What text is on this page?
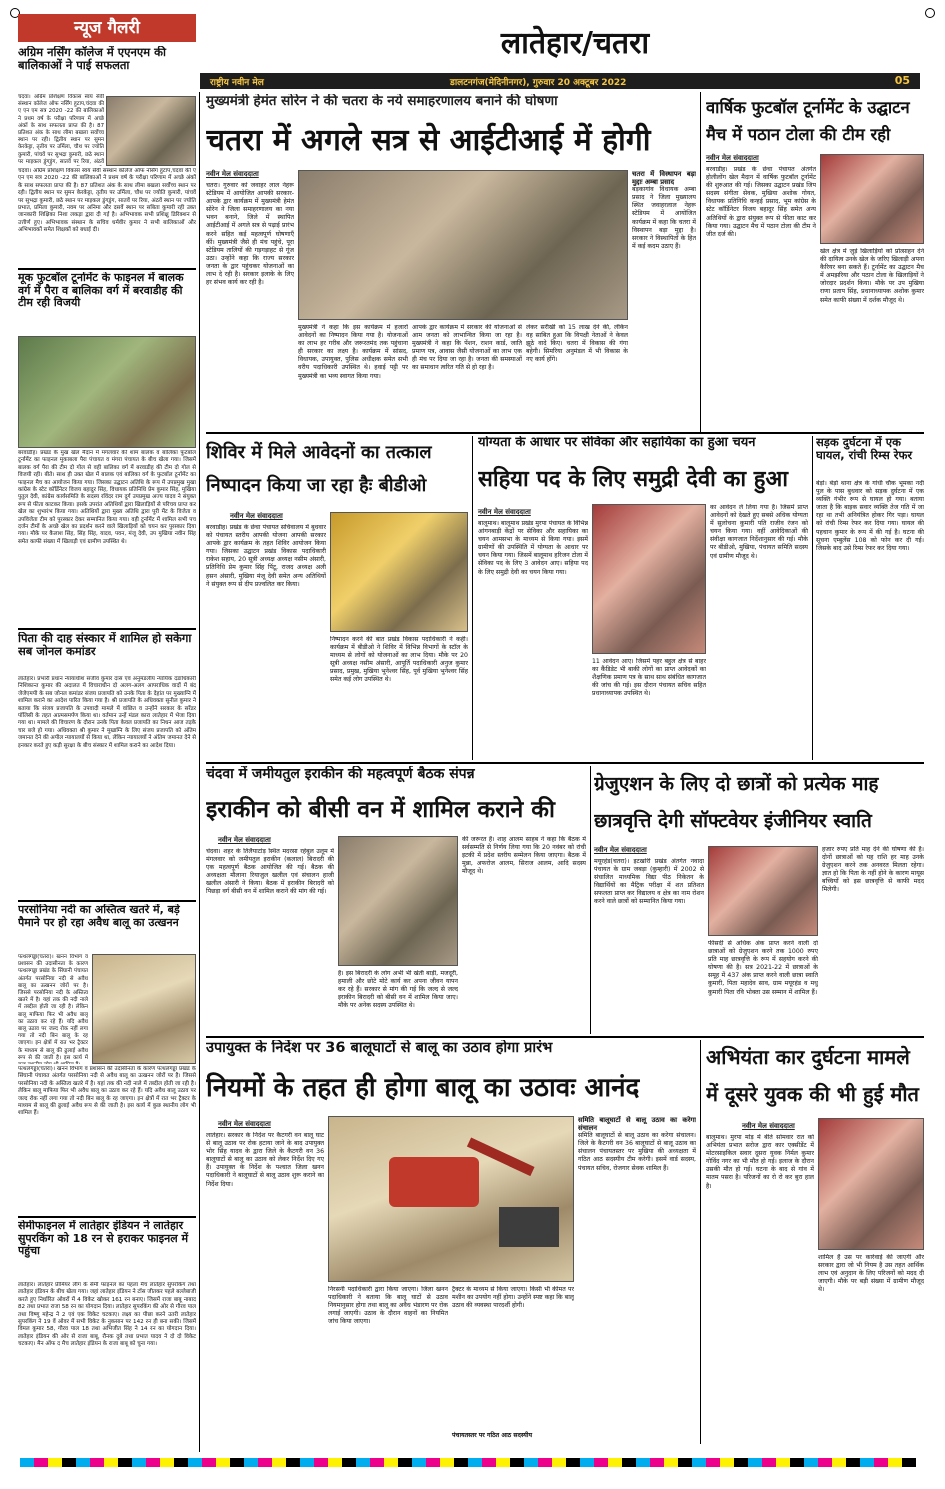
लातेहार/चतरा
राष्ट्रीय नवीन मेल	डालटनगंज(मेदिनीनगर), गुरुवार 20 अक्टूबर 2022	05
न्यूज गैलरी
अग्रिम नर्सिंग कॉलेज में एएनएम की बालिकाओं ने पाई सफलता
चंदवा। अग्रिम प्रशिक्षण विकास स्वयं सेवी संस्थान कॉलेज ऑफ नर्सिंग हुटाप,चंदवा की ए एन एम सत्र 2020 -22 की बालिकाओं ने प्रथम वर्ष के परीक्षा परिणाम में अच्छे अंकों के साथ सफलता प्राप्त की है। 87 प्रतिशत अंक के साथ लीमा बखला सर्वोच्च स्थान पर रही। द्वितीय स्थान पर सुमन केरकेट्टा, तृतीय पर उर्मिला, चौथ पर ज्योति कुमारी, पांचवें पर सुभद्रा कुमारी, छठे स्थान पर माइकल डुंगडुंग, सातवें पर रिया, अंठवें
चंदवा। अग्रिम प्रशिक्षण विकास स्वयं सेवी संस्थान कॉलेज ऑफ नर्सिंग हुटाप,चंदवा की ए एन एम सत्र 2020 -22 की बालिकाओं ने प्रथम वर्ष के परीक्षा परिणाम में अच्छे अंकों के साथ सफलता प्राप्त की है। 87 प्रतिशत अंक के साथ लीमा बखला सर्वोच्च स्थान पर रही। द्वितीय स्थान पर सुमन केरकेट्टा, तृतीय पर उर्मिला, चौथ पर ज्योति कुमारी, पांचवें पर सुभद्रा कुमारी, छठे स्थान पर माइकल डुंगडुंग, सातवें पर रिया, अंठवें स्थान पर ज्योति प्रभात, प्रमिला कुमारी, नवम पर अनिमा और दसवें स्थान पर सबिता कुमारी रही उक्त जानकारी शिक्षिका निशा लकड़ा द्वारा दी गई है। अभिभावक सभी प्रशिक्षु डिरिक्शन से उत्तीर्ण हुए। अभिभावक संस्थान के सचिव धर्मवीर कुमार ने सभी बालिकाओं और अभिभावकों समेत शिक्षकों को बधाई दी।
मूक फुटबॉल टूर्नामेंट के फाइनल में बालक वर्ग में पैरा व बालिका वर्ग में बरवाडीह की टीम रही विजयी
बरवाडीह। प्रखंड के मुख खेल मैदान में मंगलवार की शाम बालक व बालिका फुटबॉल टूर्नामेंट का फाइनल मुकाबला पैरा पंचायत व मंगरा पंचायत के बीच खेला गया। जिसमें बालक वर्ग पैरा की टीम दो गोल से वही बालिका वर्ग में बरवाडीह की टीम दो गोल से विजयी रही। बीते। साथ ही उक्त खेल में बालक एवं बालिका वर्ग के फुटबॉल टूर्नामेंट का फाइनल मैच का आयोजन किया गया। जिसका उद्घाटन अतिथि के रूप में उपप्रमुख मुखा कांग्रेस के स्टेट कॉर्डिनेटर विजय बहादुर सिंह, विधायक प्रतिनिधि प्रेम कुमार सिंह, मुखिया पुतुल देवी, कांग्रेस कार्यसमिति के सदस्य रविंदर राम दुर्ग उपप्रमुख अज्य यादव ने संयुक्त रूप से फीता काटकर किया। इसके उपरांत अतिथियों द्वारा खिलाड़ियों से परिचय प्राप्त कर खेल का शुभारंभ किया गया। अतिथियों द्वारा मुख्य अतिथि द्वारा पुरी मेंट के विजेता व उपविजेता टीम को पुरस्कार देकर सम्मानित किया गया। वही टूर्नामेंट में शामिल सभी पच दर्जन टीमों के अच्छे खेल का प्रदर्शन करने वाले खिलाड़ियों को चयन कर पुरस्कार दिया गया। मौके पर कैलाश सिंह, सिंह सिंह, यादव, पवन, मंजू देवी, उप मुखिया नवीन सिंह समेत काफी संख्या में खिलाड़ी एवं ग्रामीण उपस्थित थे।
पिता की दाह संस्कार में शामिल हो सकेगा सब जोनल कमांडर
लातेहार। प्रभारी प्रधान न्यायाधीश संजीव कुमार दास एवं अनुमंडलीय न्यायिक दंडाधिकारी निशिकान्त कुमार की अदालत में विचाराधीन दो अलग-अलग आपराधिक वादों में बंद जेजेएमपी के सब जोनल कमांडर संजय प्रजापति को उनके पिता के देहांत पर मुख्याग्नि में शामिल कराने का आदेश पारित किया गया है। श्री प्रजापति के अधिवक्ता सुनील कुमार ने बताया कि संजय प्रजापति के उपवादी मामले में वांछित व उन्होंने सरकार के सरेंडर पॉलिसी के तहत आत्मसमर्पण किया था। वर्तमान उन्हें मंडल कारा लातेहार में भेजा दिया गया था। मामले की विचारण के दौरान उनके पिता केवल प्रजापति का निधन आज तड़के चार बजे हो गया। अधिवक्ता श्री कुमार ने मुखाग्नि के लिए संजय प्रजापति को अंतिम जमानत देने की अपील न्यायालयों से किया था, लेकिन न्यायालयों ने अंतिम जमानत देने से इनकार करते हुए कड़ी सुरक्षा के बीच संस्कार में शामिल कराने का आदेश दिया।
परसोनिया नदी का अस्तित्व खतरे में, बड़े पैमाने पर हो रहा अवैध बालू का उत्खनन
पत्थलगड्डा(चतरा)। खनन विभाग व प्रशासन की उदासीनता के कारण पत्थलगड्डा प्रखंड के सिंघानी पंचायत अंतर्गत परसोनिया नदी से अवैध बालू का उत्खनन जोरों पर है। जिससे परसोनिया नदी के अस्तित्व खतरे में है। यहां तक की नदी नाले में तब्दील होती जा रही है। लेकिन बालू माफिया फिर भी अवैध बालू का उठाव कर रहे हैं। यदि अवैध बालू उठाव पर जल्द रोक नहीं लगा गया तो नदी बिन बालू के रह जाएगा। इन क्षेत्रों में रात भर ट्रैक्टर के माध्यम से बालू की ढुलाई अवैध रूप से की जाती है। इस कार्य में
पत्थलगड्डा(चतरा)। खनन विभाग व प्रशासन की उदासीनता के कारण पत्थलगड्डा प्रखंड के सिंघानी पंचायत अंतर्गत परसोनिया नदी से अवैध बालू का उत्खनन जोरों पर है। जिससे परसोनिया नदी के अस्तित्व खतरे में है। यहां तक की नदी नाले में तब्दील होती जा रही है। लेकिन बालू माफिया फिर भी अवैध बालू का उठाव कर रहे हैं। यदि अवैध बालू उठाव पर जल्द रोक नहीं लगा गया तो नदी बिन बालू के रह जाएगा। इन क्षेत्रों में रात भर ट्रैक्टर के माध्यम से बालू की ढुलाई अवैध रूप से की जाती है। इस कार्य में कुछ स्थानीय लोग भी शामिल हैं।
सेमीफाइनल में लातेहार इंडियन ने लातेहार सुपरकिंग को 18 रन से हराकर फाइनल में पहुंचा
लातेहार। लातेहार प्रीमियर लीग के सेमी फाइनल का पहला मैच लातेहार सुपरकिंग तथा लातेहार इंडियन के बीच खेला गया। जहां लातेहार इंडियन ने टॉस जीतकर पहले बल्लेबाजी करते हुए निर्धारित ओवरों में 4 विकेट खोकर 161 रन बनाए। जिसमें राजा बाबू नाबाद 82 तथा प्रभात राजा 58 रन का योगदान दिया। लातेहार सुपरकिंग की ओर से गौरव पाल तथा विष्णु महेन्द्र ने 2 एवं एक विकेट चटकाए। लक्ष्य का पीछा करने उतरी लातेहार सुपरकिंग ने 19 वें ओवर में सभी विकेट के नुकसान पर 142 रन ही बना सकी। जिसमें विमल कुमार 58, गौरव पाल 18 तथा अभिजीत सिंह ने 14 रन का योगदान दिया। लातेहार इंडियन की ओर से राजा बाबू, रौनक दुबे तथा प्रभात यादव ने दो दो विकेट चटकाए। मैन ऑफ द मैच लातेहार इंडियन के राजा बाबू को चुना गया।
मुख्यमंत्री हेमंत सोरेन ने की चतरा के नये समाहरणालय बनाने की घोषणा
चतरा में अगले सत्र से आईटीआई में होगी
नवीन मेल संवाददाता
चतरा। गुरुवार को जवाहर लाल नेहरू स्टेडियम में आयोजित आपकी सरकार- आपके द्वार कार्यक्रम में मुख्यमंत्री हेमंत सोरेन ने जिला समाहरणालय का नया भवन बनाने, जिले में स्थापित आईटीआई में अगले सत्र से पढ़ाई प्रारंभ करने सहित कई महत्वपूर्ण घोषणाएँ कीं। मुख्यमंत्री जैसे ही मंच पहुंचे, पूरा स्टेडियम तालियों की गड़गड़ाहट से गूंज उठा। उन्होंने कहा कि राज्य सरकार जनता के द्वार पहुंचकर योजनाओं का लाभ दे रही है। सरकार इलाके के लिए हर संभव कार्य कर रही है।
मुख्यमंत्री ने कहा कि इस कार्यक्रम में हजारों आवेदनों का निष्पादन किया गया है। योजनाओं का लाभ हर गरीब और जरूरतमंद तक पहुंचाना ही सरकार का लक्ष्य है। कार्यक्रम में सांसद, विधायक, उपायुक्त, पुलिस अधीक्षक समेत सभी वरीय पदाधिकारी उपस्थित थे। हवाई पट्टी पर मुख्यमंत्री का भव्य स्वागत किया गया।
आपके द्वार कार्यक्रम में सरकार की योजनाओं से आम जनता को लाभान्वित किया जा रहा है। मुख्यमंत्री ने कहा कि पेंशन, राशन कार्ड, जाति प्रमाण पत्र, आवास जैसी योजनाओं का लाभ एक ही मंच पर दिया जा रहा है। जनता की समस्याओं का समाधान त्वरित गति से हो रहा है।
लेकर सरीखी को 15 लाख देने की, लेकिन वह साबित हुआ कि विपक्षी नेताओं ने केवल झूठे वादे किए। चतरा में विकास की गंगा बहेगी। सिमरिया अनुमंडल में भी विकास के नए कार्य होंगे।
चतरा में विस्थापन बड़ा मुद्दाः अम्बा प्रसाद
बड़कागांव विधायक अम्बा प्रसाद ने जिला मुख्यालय स्थित जवाहरलाल नेहरू स्टेडियम में आयोजित कार्यक्रम में कहा कि चतरा में विस्थापन बड़ा मुद्दा है। सरकार ने विस्थापितों के हित में कई कदम उठाए हैं।
वार्षिक फुटबॉल टूर्नामेंट के उद्घाटन मैच में पठान टोला की टीम रही
नवीन मेल संवाददाता
बरवाडीह। प्रखंड के छेचा पंचायत अंतर्गत होलीलोंग खेल मैदान में वार्षिक फुटबॉल टूर्नामेंट की शुरुआत की गई। जिसका उद्घाटन प्रखंड जिप सदस्य संगीता सेवक, मुखिया अशोक गोयत, विधायक प्रतिनिधि कन्हई प्रसाद, भूम कांग्रेस के स्टेट कॉर्डिनेटर विजय बहादुर सिंह समेत अन्य अतिथियों के द्वारा संयुक्त रूप से फीता काट कर किया गया। उद्घाटन मैच में पठान टोला की टीम ने जीत दर्ज की।
खेल क्षेत्र में जुड़े खिलाड़ियों को प्रोत्साहन देने की दायित्व उनके खेल के जरिए खिलाड़ी अपना कैरियर बना सकते हैं। टूर्नामेंट का उद्घाटन मैच में अमझरिया और पठान टोला के खिलाड़ियों ने जोरदार प्रदर्शन किया। मौके पर उप मुखिया राणा प्रताप सिंह, प्रधानाध्यापक अशोक कुमार समेत काफी संख्या में दर्शक मौजूद थे।
शिविर में मिले आवेदनों का तत्काल निष्पादन किया जा रहा हैः बीडीओ
नवीन मेल संवाददाता
बरवाडीह। प्रखंड के छेचा पंचायत सचिवालय में बुधवार को पंचायत स्तरीय आपकी योजना आपकी सरकार आपके द्वार कार्यक्रम के तहत शिविर आयोजन किया गया। जिसका उद्घाटन प्रखंड विकास पदाधिकारी राकेश सहाय, 20 सूत्री अध्यक्ष अध्यक्ष नसीम अंसारी, प्रतिनिधि प्रेम कुमार सिंह पिंटू, राजद अध्यक्ष अली हसन अंसारी, मुखिया मंजू देवी समेत अन्य अतिथियों ने संयुक्त रूप से दीप प्रज्वलित कर किया।
निष्पादन करने की बात प्रखंड विकास पदाधिकारी ने कही। कार्यक्रम में बीडीओ ने शिविर में विभिन्न विभागों के स्टॉल के माध्यम से लोगों को योजनाओं का लाभ दिया। मौके पर 20 सूत्री अध्यक्ष नसीम अंसारी, आपूर्ति पदाधिकारी अनुज कुमार प्रसाद, प्रमुख, मुखिया भुनेश्वर सिंह, पूर्व मुखिया भुनेश्वर सिंह समेत कई लोग उपस्थित थे।
योग्यता के आधार पर सेविका और सहायिका का हुआ चयन
सहिया पद के लिए समुद्री देवी का हुआ
नवीन मेल संवाददाता
बालूमाथ। बालूमाथ प्रखंड मुरपा पंचायत के विभिन्न आंगनबाड़ी केंद्रों पर सेविका और सहायिका का चयन आमसभा के माध्यम से किया गया। इसमें ग्रामीणों की उपस्थिति में योग्यता के आधार पर चयन किया गया। जिसमें बालूमाथ हरिजन टोला में सेविका पद के लिए 3 आवेदन आए। सहिया पद के लिए समुद्री देवी का चयन किया गया।
11 आवेदन आए। जिसमें पहर बहुल क्षेत्र से बाहर का कैंडिडेट भी बाकी लोगों का प्राप्त आवेदकों का शैक्षणिक प्रमाण पत्र के साथ साथ संबंधित कागजात की जांच की गई। इस दौरान पंचायत सचिव सहित प्रधानाध्यापक उपस्थित थे।
का आवेदन ले लिया गया है। जिसमें प्राप्त आवेदनों को देखते हुए सबसे अधिक योग्यता में सुलोचना कुमारी पति राजीव रंजन को चयन किया गया। वहीं आवेदिकाओं की संवीक्षा कागजात निर्देशानुसार की गई। मौके पर बीडीओ, मुखिया, पंचायत समिति सदस्य एवं ग्रामीण मौजूद थे।
सड़क दुर्घटना में एक घायल, रांची रिम्स रेफर
बेड़ो। बेड़ो थाना क्षेत्र के गांधी चौक भूमका नदी पुल के पास बुधवार को सड़क दुर्घटना में एक व्यक्ति गंभीर रूप से घायल हो गया। बताया जाता है कि बाइक सवार व्यक्ति तेज गति में जा रहा था तभी अनियंत्रित होकर गिर पड़ा। घायल को रांची रिम्स रेफर कर दिया गया। घायल की पहचान कुमार के रूप में की गई है। घटना की सूचना एम्बुलेंस 108 को फोन कर दी गई। जिसके बाद उसे रिम्स रेफर कर दिया गया।
चंदवा में जमीयतुल इराकीन की महत्वपूर्ण बैठक संपन्न
इराकीन को बीसी वन में शामिल कराने की
नवीन मेल संवाददाता
चंदवा। शहर के तिलैयाटांड़ स्थित मदरसा रहेबुल उलूम में मंगलवार को जमीयतुल इराकीन (कलाल) बिरादरी की एक महत्वपूर्ण बैठक आयोजित की गई। बैठक की अध्यक्षता मौलाना रियाजुल खलील एवं संचालन हाजी खलील अंसारी ने किया। बैठक में इराकीन बिरादरी को पिछड़ा वर्ग बीसी वन में शामिल कराने की मांग की गई।
है। इस बिरादरी के लोग अभी भी खेती बाड़ी, मजदूरी, हमाली और छोटे मोटे कार्य कर अपना जीवन यापन कर रहे हैं। सरकार से मांग की गई कि जल्द से जल्द इराकीन बिरादरी को बीसी वन में शामिल किया जाए। मौके पर अनेक सदस्य उपस्थित थे।
की जरूरत है। शाह आलम साहब ने कहा कि बैठक में सर्वसम्मति से निर्णय लिया गया कि 20 नवंबर को रांची इटकी में प्रदेश स्तरीय सम्मेलन किया जाएगा। बैठक में मुन्ना, अफरोज आलम, सिराज आलम, आदि सदस्य मौजूद थे।
ग्रेजुएशन के लिए दो छात्रों को प्रत्येक माह छात्रवृत्ति देगी सॉफ्टवेयर इंजीनियर स्वाति
नवीन मेल संवाददाता
मयूरहंड(चतरा)। इटखोरी प्रखंड अंतर्गत नवादा पंचायत के ग्राम जबड़ा (कुम्हारी) में 2002 से संचालित माध्यमिक विद्या पीठ निकेतन के विद्यार्थियों का मैट्रिक परीक्षा में शत प्रतिशत सफलता प्राप्त कर विद्यालय व क्षेत्र का नाम रोशन करने वाले छात्रों को सम्मानित किया गया।
फीसदी से अधिक अंक प्राप्त करने वाली दो छात्राओं को ग्रेजुएशन करने तक 1000 रुपए प्रति माह छात्रवृत्ति के रूप में सहयोग करने की घोषणा की है। सत्र 2021-22 में छात्राओं के समूह में 437 अंक प्राप्त करने वाली छात्रा स्वाति कुमारी, पिता महादेव साव, ग्राम मयूरहंड व मधु कुमारी पिता रवि भोक्ता उस सम्मान में शामिल हैं।
हजार रुपए प्रति माह देने की घोषणा की है। दोनों छात्राओं को यह राशि हर माह उनके ग्रेजुएशन करने तक अनवरत मिलता रहेगा। ज्ञात हो कि पिता के नहीं होने के कारण मायूस बच्चियों को इस छात्रवृत्ति से काफी मदद मिलेगी।
उपायुक्त के निर्देश पर 36 बालूघाटों से बालू का उठाव होगा प्रारंभ
नियमों के तहत ही होगा बालू का उठावः आनंद
नवीन मेल संवाददाता
लातेहार। सरकार के निर्देश पर कैटगरी वन बालू घाट से बालू उठाव पर रोक हटाया जाने के बाद उपायुक्त भोर सिंह यादव के द्वारा जिले के कैटगरी वन 36 बालूघाटों से बालू का उठाव को लेकर निर्देश दिए गए हैं। उपायुक्त के निर्देश के पश्चात जिला खनन पदाधिकारी ने बालूघाटों से बालू उठाव शुरू कराने का निर्देश दिया।
निरसनी पदाधिकारी द्वारा किया जाएगा। जिला खनन पदाधिकारी ने बताया कि बालू घाटों से उठाव नियमानुसार होगा तथा बालू का अवैध भंडारण पर रोक लगाई जाएगी। उठाव के दौरान वाहनों का नियमित जांच किया जाएगा।
ट्रैक्टर के माध्यम से किया जाएगा। किसी भी कीमत पर मशीन का उपयोग नहीं होगा। उन्होंने स्पष्ट कहा कि बालू उठाव की व्यवस्था पारदर्शी होगी।
समिति बालूघाटों से बालू उठाव का करेगा संचालन
समिति बालूघाटों से बालू उठाव का करेगा संचालन। जिले के कैटगरी वन 36 बालूघाटों से बालू उठाव का संचालन पंचायतस्तर पर मुखिया की अध्यक्षता में गठित आठ सदस्यीय टीम करेगी। इसमें वार्ड सदस्य, पंचायत सचिव, रोजगार सेवक शामिल हैं।
पंचायतस्तर पर गठित आठ सदस्यीय
अभियंता कार दुर्घटना मामले
में दूसरे युवक की भी हुई मौत
नवीन मेल संवाददाता
बालूमाथ। मुरपा मोड़ में बीते सोमवार रात को अभियंता प्रभात सरोज द्वारा कार एक्सीडेंट में मोटरसाइकिल सवार दूसरा युवक निर्मल कुमार गोविंद नगर का भी मौत हो गई। इलाज के दौरान उसकी मौत हो गई। घटना के बाद से गांव में मातम पसरा है। परिजनों का रो रो कर बुरा हाल है।
शामिल है उस पर कार्रवाई की जाएगी और सरकार द्वारा जो भी नियम है उस तहत आर्थिक लाभ एवं अनुदान के लिए परिजनों को मदद दी जाएगी। मौके पर बड़ी संख्या में ग्रामीण मौजूद थे।
